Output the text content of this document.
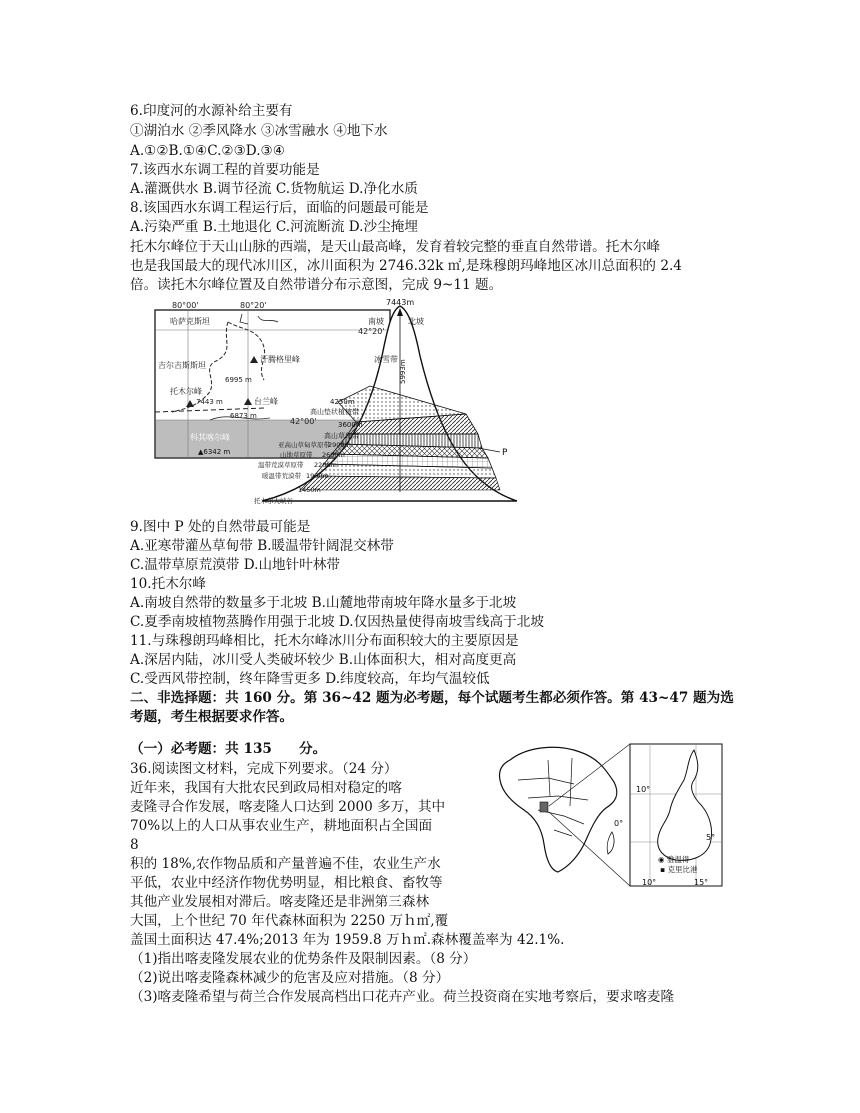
6.印度河的水源补给主要有
①湖泊水 ②季风降水 ③冰雪融水 ④地下水
A.①②B.①④C.②③D.③④
7.该西水东调工程的首要功能是
A.灌溉供水 B.调节径流 C.货物航运 D.净化水质
8.该国西水东调工程运行后，面临的问题最可能是
A.污染严重 B.土地退化 C.河流断流 D.沙尘掩埋
托木尔峰位于天山山脉的西端，是天山最高峰，发育着较完整的垂直自然带谱。托木尔峰
也是我国最大的现代冰川区，冰川面积为 2746.32k ㎡,是珠穆朗玛峰地区冰川总面积的 2.4
倍。读托木尔峰位置及自然带谱分布示意图，完成 9~11 题。
80°00'	80°20'
哈萨克斯坦
42°20'
吉尔吉斯斯坦
汗腾格里峰
6995 m
托木尔峰
7443 m	台兰峰
6873 m
42°00'
科其喀尔峰
▲6342 m	P
7443m
南坡	北坡
冰雪带 5993m
4250m
高山垫状植被带
3600m
高山草甸带
2900m
亚高山草甸草原带
2600m
山地草原带
2200m
温带荒漠草原带
1900m
暖温带荒漠带
1450m
托木尔大峡谷
9.图中 P 处的自然带最可能是
A.亚寒带灌丛草甸带 B.暖温带针阔混交林带
C.温带草原荒漠带 D.山地针叶林带
10.托木尔峰
A.南坡自然带的数量多于北坡 B.山麓地带南坡年降水量多于北坡
C.夏季南坡植物蒸腾作用强于北坡 D.仅因热量使得南坡雪线高于北坡
11.与珠穆朗玛峰相比，托木尔峰冰川分布面积较大的主要原因是
A.深居内陆，冰川受人类破坏较少 B.山体面积大，相对高度更高
C.受西风带控制，终年降雪更多 D.纬度较高，年均气温较低
二、非选择题：共 160 分。第 36~42 题为必考题，每个试题考生都必须作答。第 43~47 题为选
考题，考生根据要求作答。
（一）必考题：共 135　　分。
36.阅读图文材料，完成下列要求。（24 分）
近年来，我国有大批农民到政局相对稳定的喀
麦隆寻合作发展，喀麦隆人口达到 2000 多万，其中
70%以上的人口从事农业生产，耕地面积占全国面
8
积的 18%,农作物品质和产量普遍不佳，农业生产水
平低，农业中经济作物优势明显，相比粮食、畜牧等
其他产业发展相对滞后。喀麦隆还是非洲第三森林
大国，上个世纪 70 年代森林面积为 2250 万ｈ㎡,覆
盖国土面积达 47.4%;2013 年为 1959.8 万ｈ㎡.森林覆盖率为 42.1%.
（1)指出喀麦隆发展农业的优势条件及限制因素。（8 分）
（2)说出喀麦隆森林减少的危害及应对措施。（8 分）
（3)喀麦隆希望与荷兰合作发展高档出口花卉产业。荷兰投资商在实地考察后，要求喀麦隆
10°
5°
0°
◉ 雅温得
▪ 克里比港
10°	15°
